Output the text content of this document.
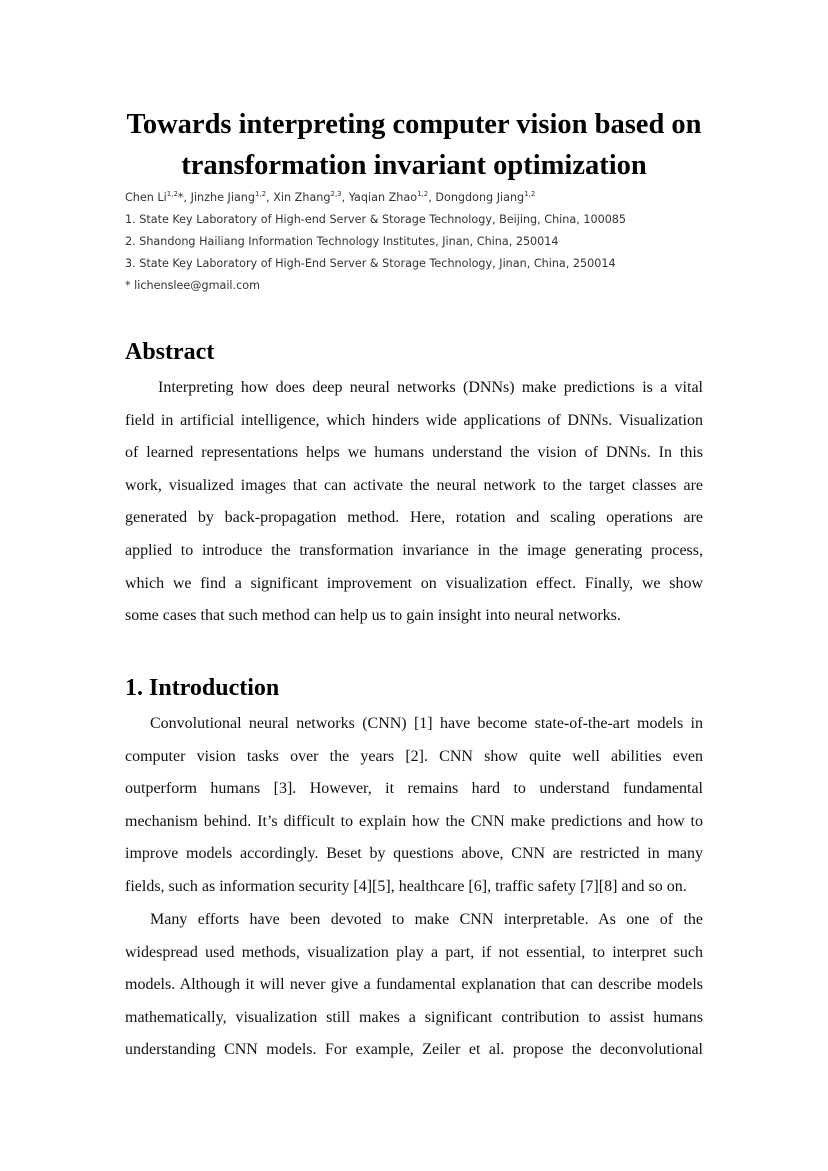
Towards interpreting computer vision based on
transformation invariant optimization
Chen Li$^{1,2}$*, Jinzhe Jiang$^{1,2}$, Xin Zhang$^{2,3}$, Yaqian Zhao$^{1,2}$, Dongdong Jiang$^{1,2}$
1. State Key Laboratory of High-end Server & Storage Technology, Beijing, China, 100085
2. Shandong Hailiang Information Technology Institutes, Jinan, China, 250014
3. State Key Laboratory of High-End Server & Storage Technology, Jinan, China, 250014
* lichenslee@gmail.com
Abstract
Interpreting how does deep neural networks (DNNs) make predictions is a vital
field in artificial intelligence, which hinders wide applications of DNNs. Visualization
of learned representations helps we humans understand the vision of DNNs. In this
work, visualized images that can activate the neural network to the target classes are
generated by back-propagation method. Here, rotation and scaling operations are
applied to introduce the transformation invariance in the image generating process,
which we find a significant improvement on visualization effect. Finally, we show
some cases that such method can help us to gain insight into neural networks.
1. Introduction
Convolutional neural networks (CNN) [1] have become state-of-the-art models in
computer vision tasks over the years [2]. CNN show quite well abilities even
outperform humans [3]. However, it remains hard to understand fundamental
mechanism behind. It’s difficult to explain how the CNN make predictions and how to
improve models accordingly. Beset by questions above, CNN are restricted in many
fields, such as information security [4][5], healthcare [6], traffic safety [7][8] and so on.
Many efforts have been devoted to make CNN interpretable. As one of the
widespread used methods, visualization play a part, if not essential, to interpret such
models. Although it will never give a fundamental explanation that can describe models
mathematically, visualization still makes a significant contribution to assist humans
understanding CNN models. For example, Zeiler et al. propose the deconvolutional
